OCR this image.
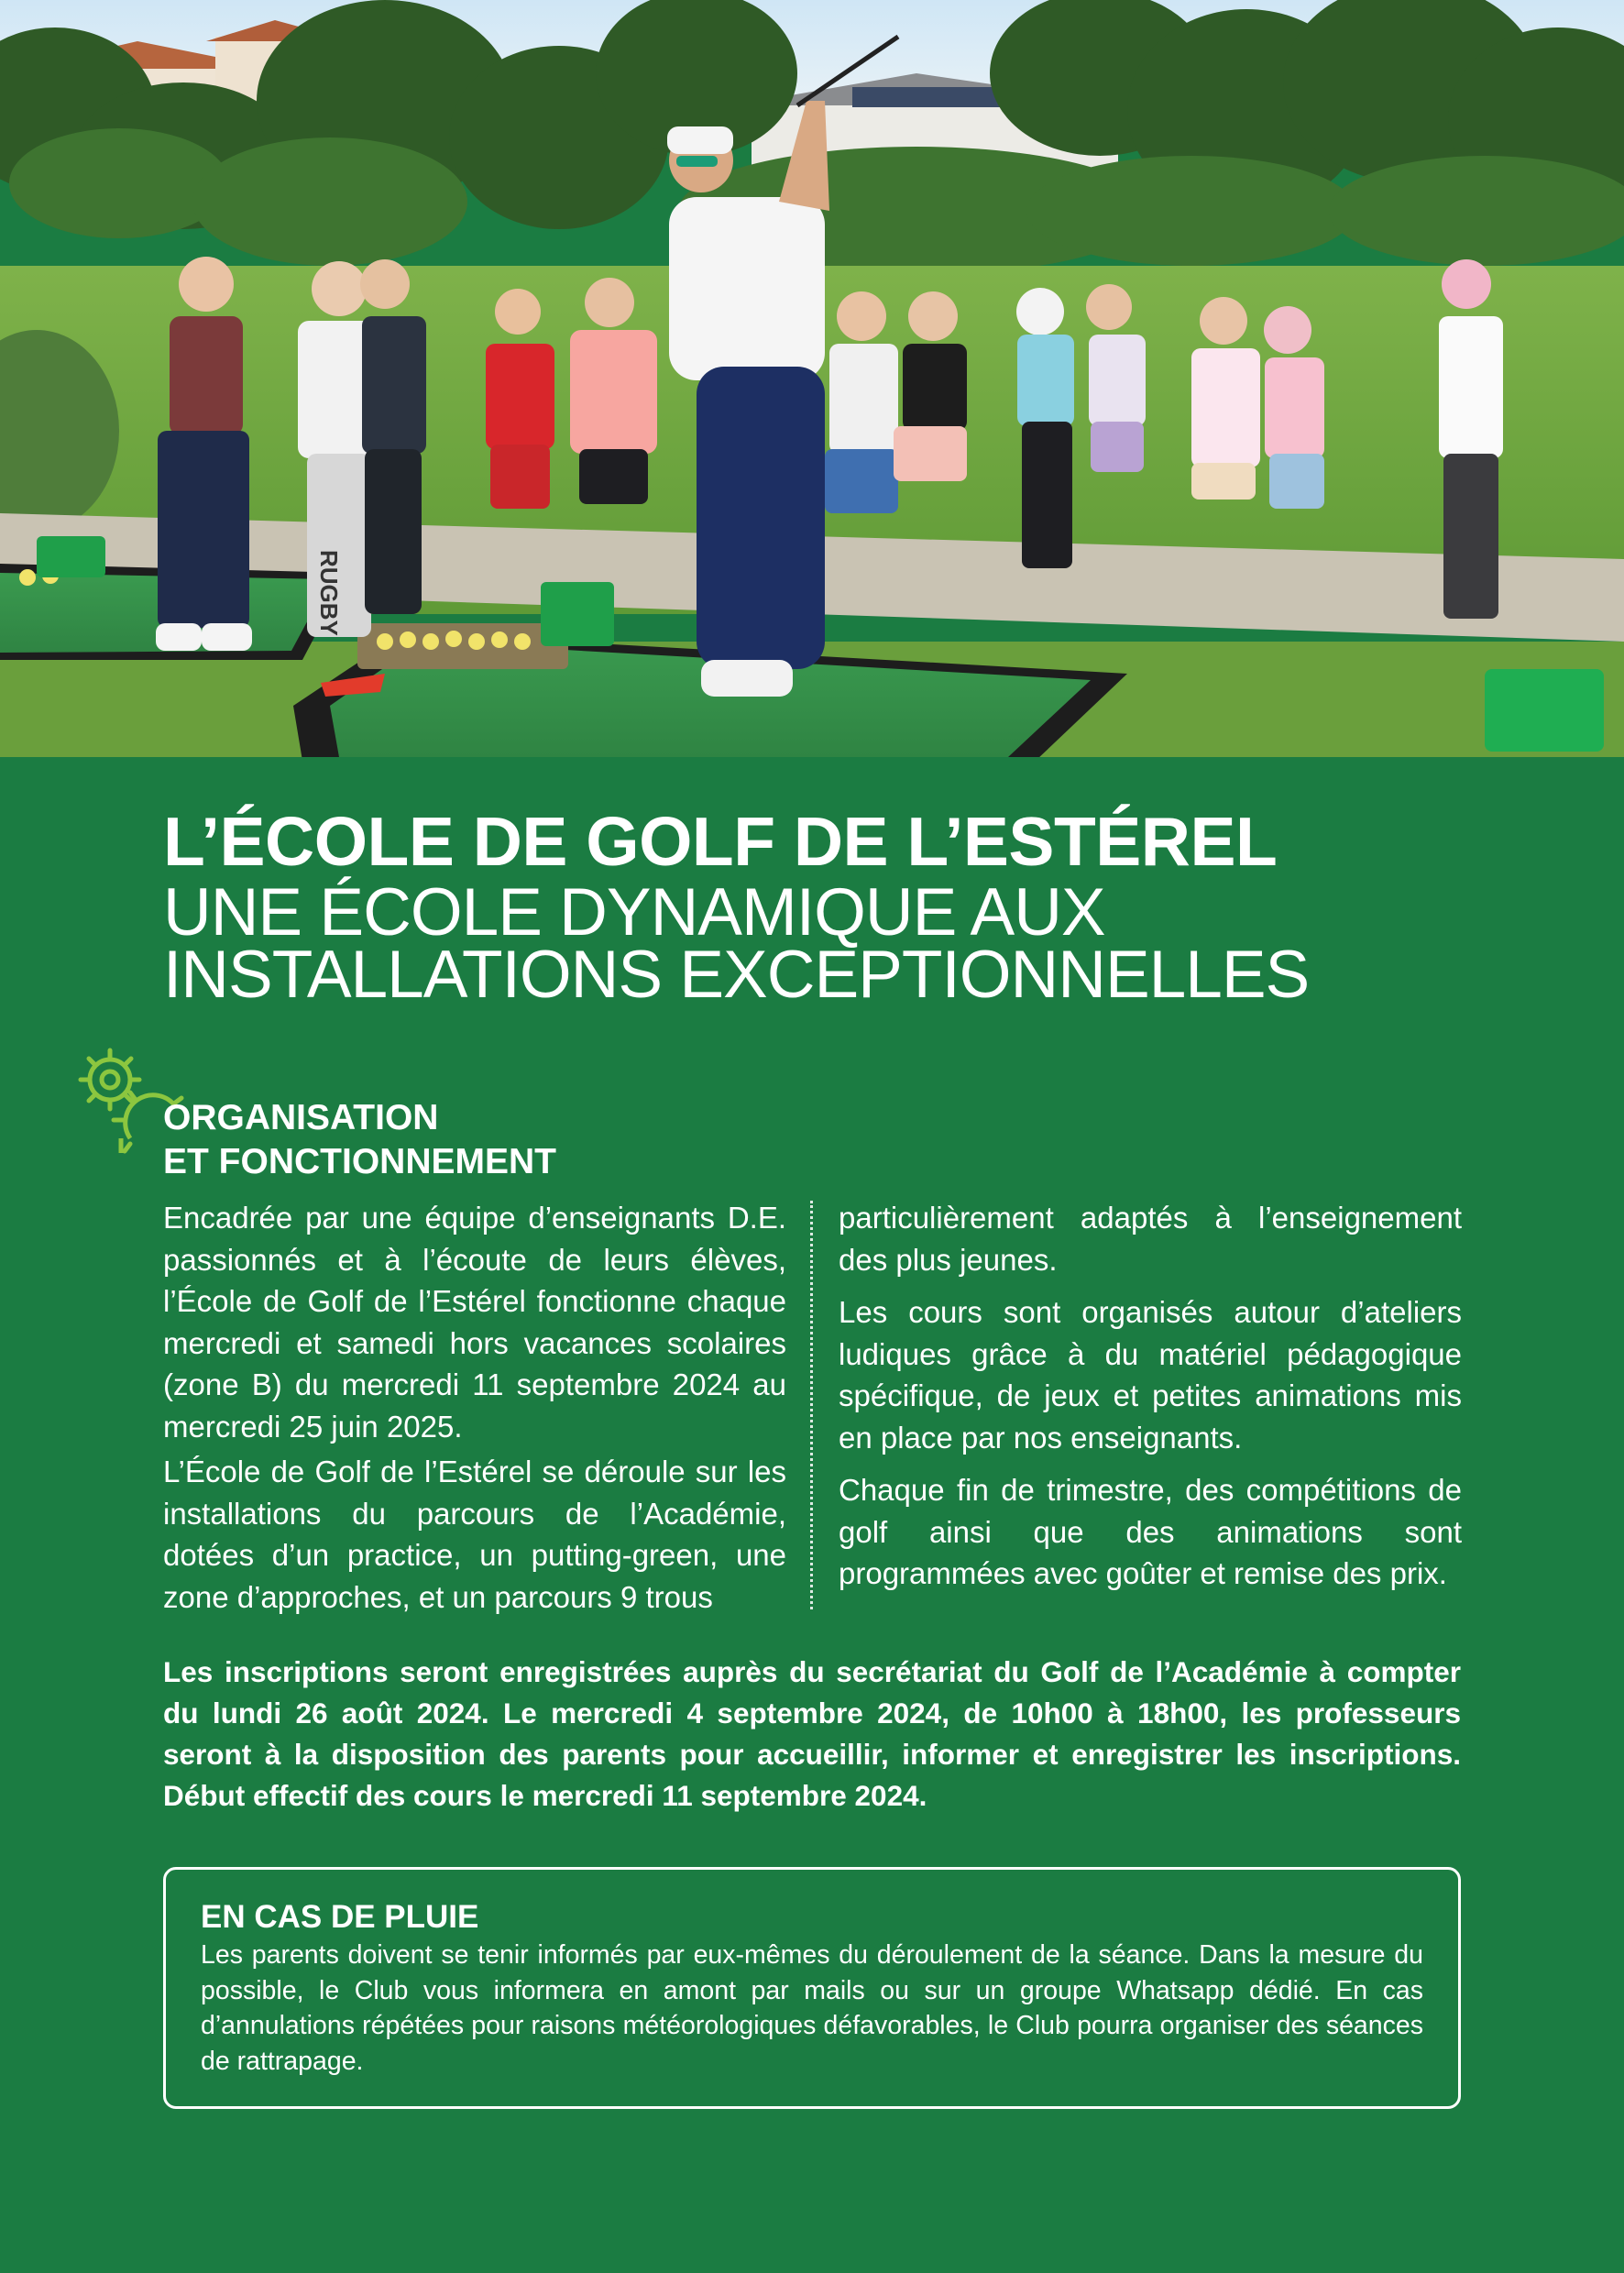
RUGBY
L’ÉCOLE DE GOLF DE L’ESTÉREL
UNE ÉCOLE DYNAMIQUE AUX
INSTALLATIONS EXCEPTIONNELLES
ORGANISATION
ET FONCTIONNEMENT

Encadrée par une équipe d’enseignants D.E. passionnés et à l’écoute de leurs élèves, l’École de Golf de l’Estérel fonctionne chaque mercredi et samedi hors vacances scolaires (zone B) du mercredi 11 septembre 2024 au mercredi 25 juin 2025.

L’École de Golf de l’Estérel se déroule sur les installations du parcours de l’Académie, dotées d’un practice, un putting-green, une zone d’approches, et un parcours 9 trous

particulièrement adaptés à l’enseignement des plus jeunes.

Les cours sont organisés autour d’ateliers ludiques grâce à du matériel pédagogique spécifique, de jeux et petites animations mis en place par nos enseignants.

Chaque fin de trimestre, des compétitions de golf ainsi que des animations sont programmées avec goûter et remise des prix.

Les inscriptions seront enregistrées auprès du secrétariat du Golf de l’Académie à compter du lundi 26 août 2024. Le mercredi 4 septembre 2024, de 10h00 à 18h00, les professeurs seront à la disposition des parents pour accueillir, informer et enregistrer les inscriptions. Début effectif des cours le mercredi 11 septembre 2024.

EN CAS DE PLUIE

Les parents doivent se tenir informés par eux-mêmes du déroulement de la séance. Dans la mesure du possible, le Club vous informera en amont par mails ou sur un groupe Whatsapp dédié. En cas d’annulations répétées pour raisons météorologiques défavorables, le Club pourra organiser des séances de rattrapage.
